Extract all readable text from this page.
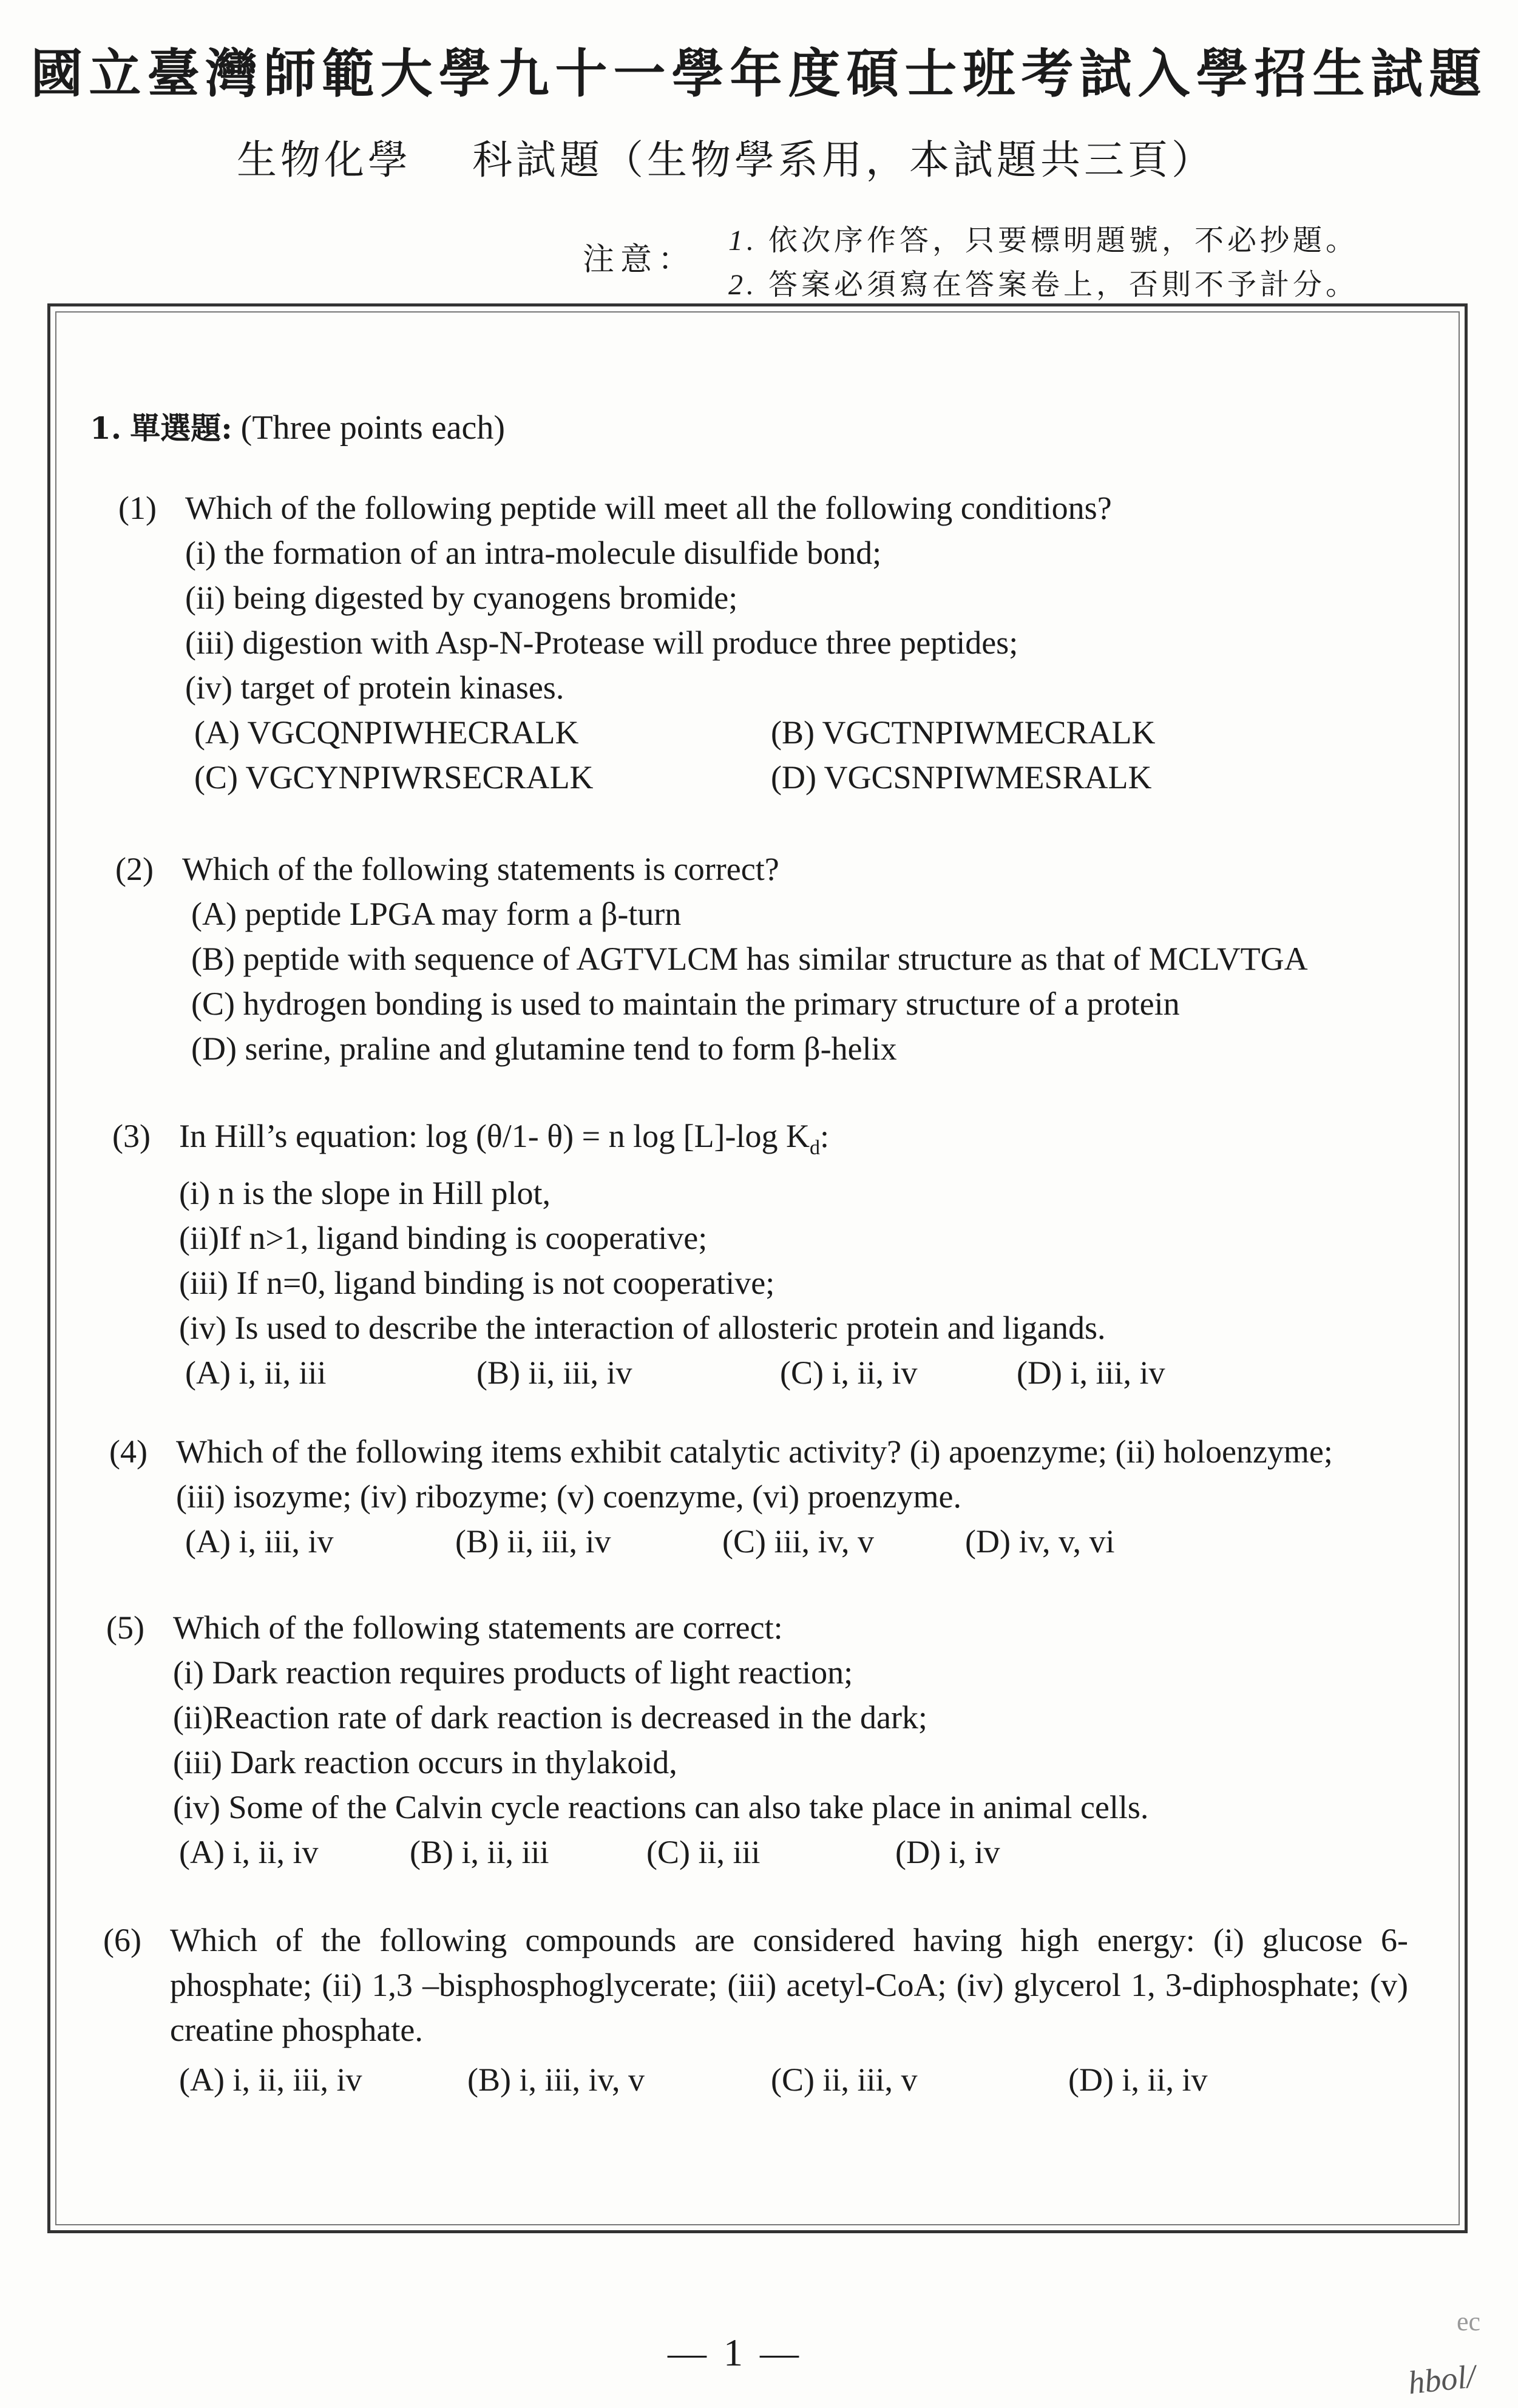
國立臺灣師範大學九十一學年度碩士班考試入學招生試題
生物化學 科試題（生物學系用，本試題共三頁）
注意：
1. 依次序作答，只要標明題號，不必抄題。
2. 答案必須寫在答案卷上，否則不予計分。
1. 單選題: (Three points each)
(1) Which of the following peptide will meet all the following conditions?
(i) the formation of an intra-molecule disulfide bond;
(ii) being digested by cyanogens bromide;
(iii) digestion with Asp-N-Protease will produce three peptides;
(iv) target of protein kinases.
(A) VGCQNPIWHECRALK	(B) VGCTNPIWMECRALK
(C) VGCYNPIWRSECRALK	(D) VGCSNPIWMESRALK
(2) Which of the following statements is correct?
(A) peptide LPGA may form a β-turn
(B) peptide with sequence of AGTVLCM has similar structure as that of MCLVTGA
(C) hydrogen bonding is used to maintain the primary structure of a protein
(D) serine, praline and glutamine tend to form β-helix
(3) In Hill’s equation: log (θ/1- θ) = n log [L]-log $K_d$:
(i) n is the slope in Hill plot,
(ii)If n>1, ligand binding is cooperative;
(iii) If n=0, ligand binding is not cooperative;
(iv) Is used to describe the interaction of allosteric protein and ligands.
(A) i, ii, iii	(B) ii, iii, iv	(C) i, ii, iv	(D) i, iii, iv
(4) Which of the following items exhibit catalytic activity? (i) apoenzyme; (ii) holoenzyme;
(iii) isozyme; (iv) ribozyme; (v) coenzyme, (vi) proenzyme.
(A) i, iii, iv	(B) ii, iii, iv	(C) iii, iv, v	(D) iv, v, vi
(5) Which of the following statements are correct:
(i) Dark reaction requires products of light reaction;
(ii)Reaction rate of dark reaction is decreased in the dark;
(iii) Dark reaction occurs in thylakoid,
(iv) Some of the Calvin cycle reactions can also take place in animal cells.
(A) i, ii, iv	(B) i, ii, iii	(C) ii, iii	(D) i, iv
(6) Which of the following compounds are considered having high energy: (i) glucose 6-phosphate; (ii) 1,3 –bisphosphoglycerate; (iii) acetyl-CoA; (iv) glycerol 1, 3-diphosphate; (v) creatine phosphate.
(A) i, ii, iii, iv	(B) i, iii, iv, v	(C) ii, iii, v	(D) i, ii, iv
— 1 —
ec
hbol/
